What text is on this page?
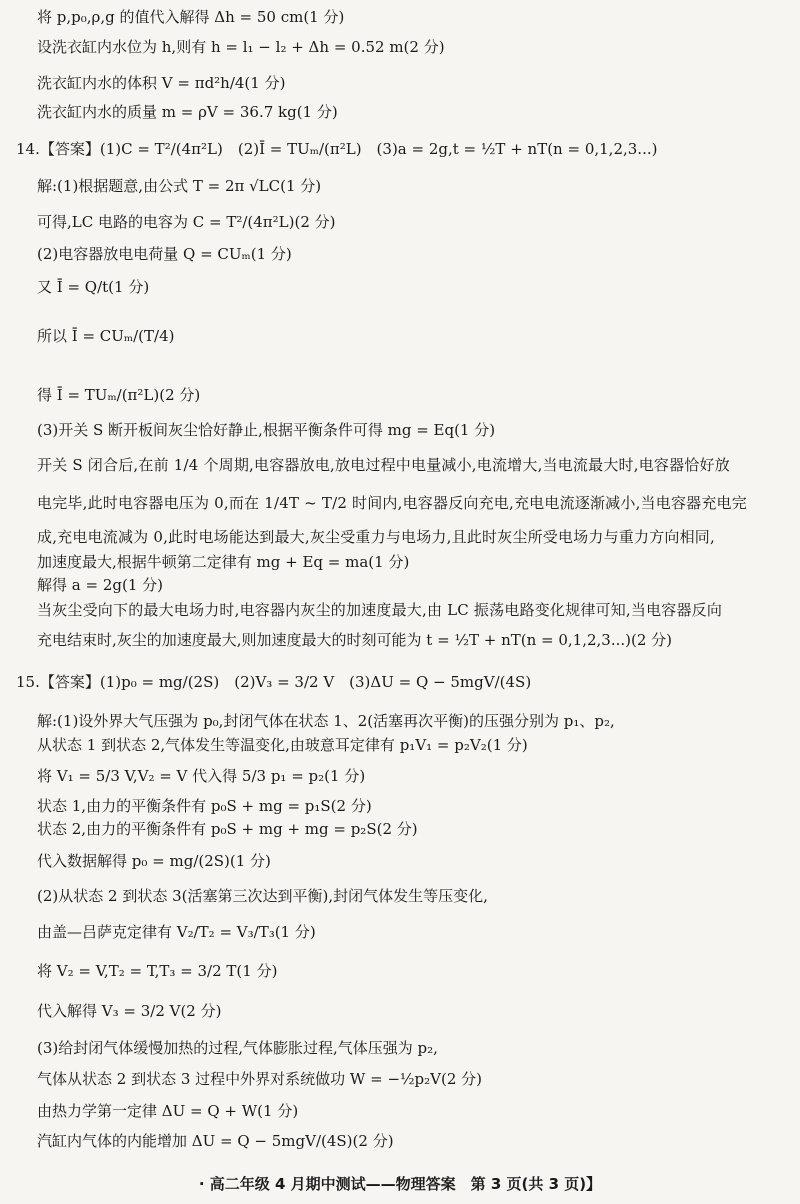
将 p,p₀,ρ,g 的值代入解得 Δh = 50 cm(1 分)
设洗衣缸内水位为 h,则有 h = l₁ − l₂ + Δh = 0.52 m(2 分)
洗衣缸内水的体积 V = πd²h/4(1 分)
洗衣缸内水的质量 m = ρV = 36.7 kg(1 分)
14.【答案】(1)C = T²/(4π²L)　(2)Ī = TUₘ/(π²L)　(3)a = 2g,t = ½T + nT(n = 0,1,2,3...)
解:(1)根据题意,由公式 T = 2π √LC(1 分)
可得,LC 电路的电容为 C = T²/(4π²L)(2 分)
(2)电容器放电电荷量 Q = CUₘ(1 分)
又 Ī = Q/t(1 分)
所以 Ī = CUₘ/(T/4)
得 Ī = TUₘ/(π²L)(2 分)
(3)开关 S 断开板间灰尘恰好静止,根据平衡条件可得 mg = Eq(1 分)
开关 S 闭合后,在前 1/4 个周期,电容器放电,放电过程中电量减小,电流增大,当电流最大时,电容器恰好放
电完毕,此时电容器电压为 0,而在 1/4T ~ T/2 时间内,电容器反向充电,充电电流逐渐减小,当电容器充电完
成,充电电流减为 0,此时电场能达到最大,灰尘受重力与电场力,且此时灰尘所受电场力与重力方向相同,
加速度最大,根据牛顿第二定律有 mg + Eq = ma(1 分)
解得 a = 2g(1 分)
当灰尘受向下的最大电场力时,电容器内灰尘的加速度最大,由 LC 振荡电路变化规律可知,当电容器反向
充电结束时,灰尘的加速度最大,则加速度最大的时刻可能为 t = ½T + nT(n = 0,1,2,3...)(2 分)
15.【答案】(1)p₀ = mg/(2S)　(2)V₃ = 3/2 V　(3)ΔU = Q − 5mgV/(4S)
解:(1)设外界大气压强为 p₀,封闭气体在状态 1、2(活塞再次平衡)的压强分别为 p₁、p₂,
从状态 1 到状态 2,气体发生等温变化,由玻意耳定律有 p₁V₁ = p₂V₂(1 分)
将 V₁ = 5/3 V,V₂ = V 代入得 5/3 p₁ = p₂(1 分)
状态 1,由力的平衡条件有 p₀S + mg = p₁S(2 分)
状态 2,由力的平衡条件有 p₀S + mg + mg = p₂S(2 分)
代入数据解得 p₀ = mg/(2S)(1 分)
(2)从状态 2 到状态 3(活塞第三次达到平衡),封闭气体发生等压变化,
由盖—吕萨克定律有 V₂/T₂ = V₃/T₃(1 分)
将 V₂ = V,T₂ = T,T₃ = 3/2 T(1 分)
代入解得 V₃ = 3/2 V(2 分)
(3)给封闭气体缓慢加热的过程,气体膨胀过程,气体压强为 p₂,
气体从状态 2 到状态 3 过程中外界对系统做功 W = −½p₂V(2 分)
由热力学第一定律 ΔU = Q + W(1 分)
汽缸内气体的内能增加 ΔU = Q − 5mgV/(4S)(2 分)
· 高二年级 4 月期中测试——物理答案　第 3 页(共 3 页)】
